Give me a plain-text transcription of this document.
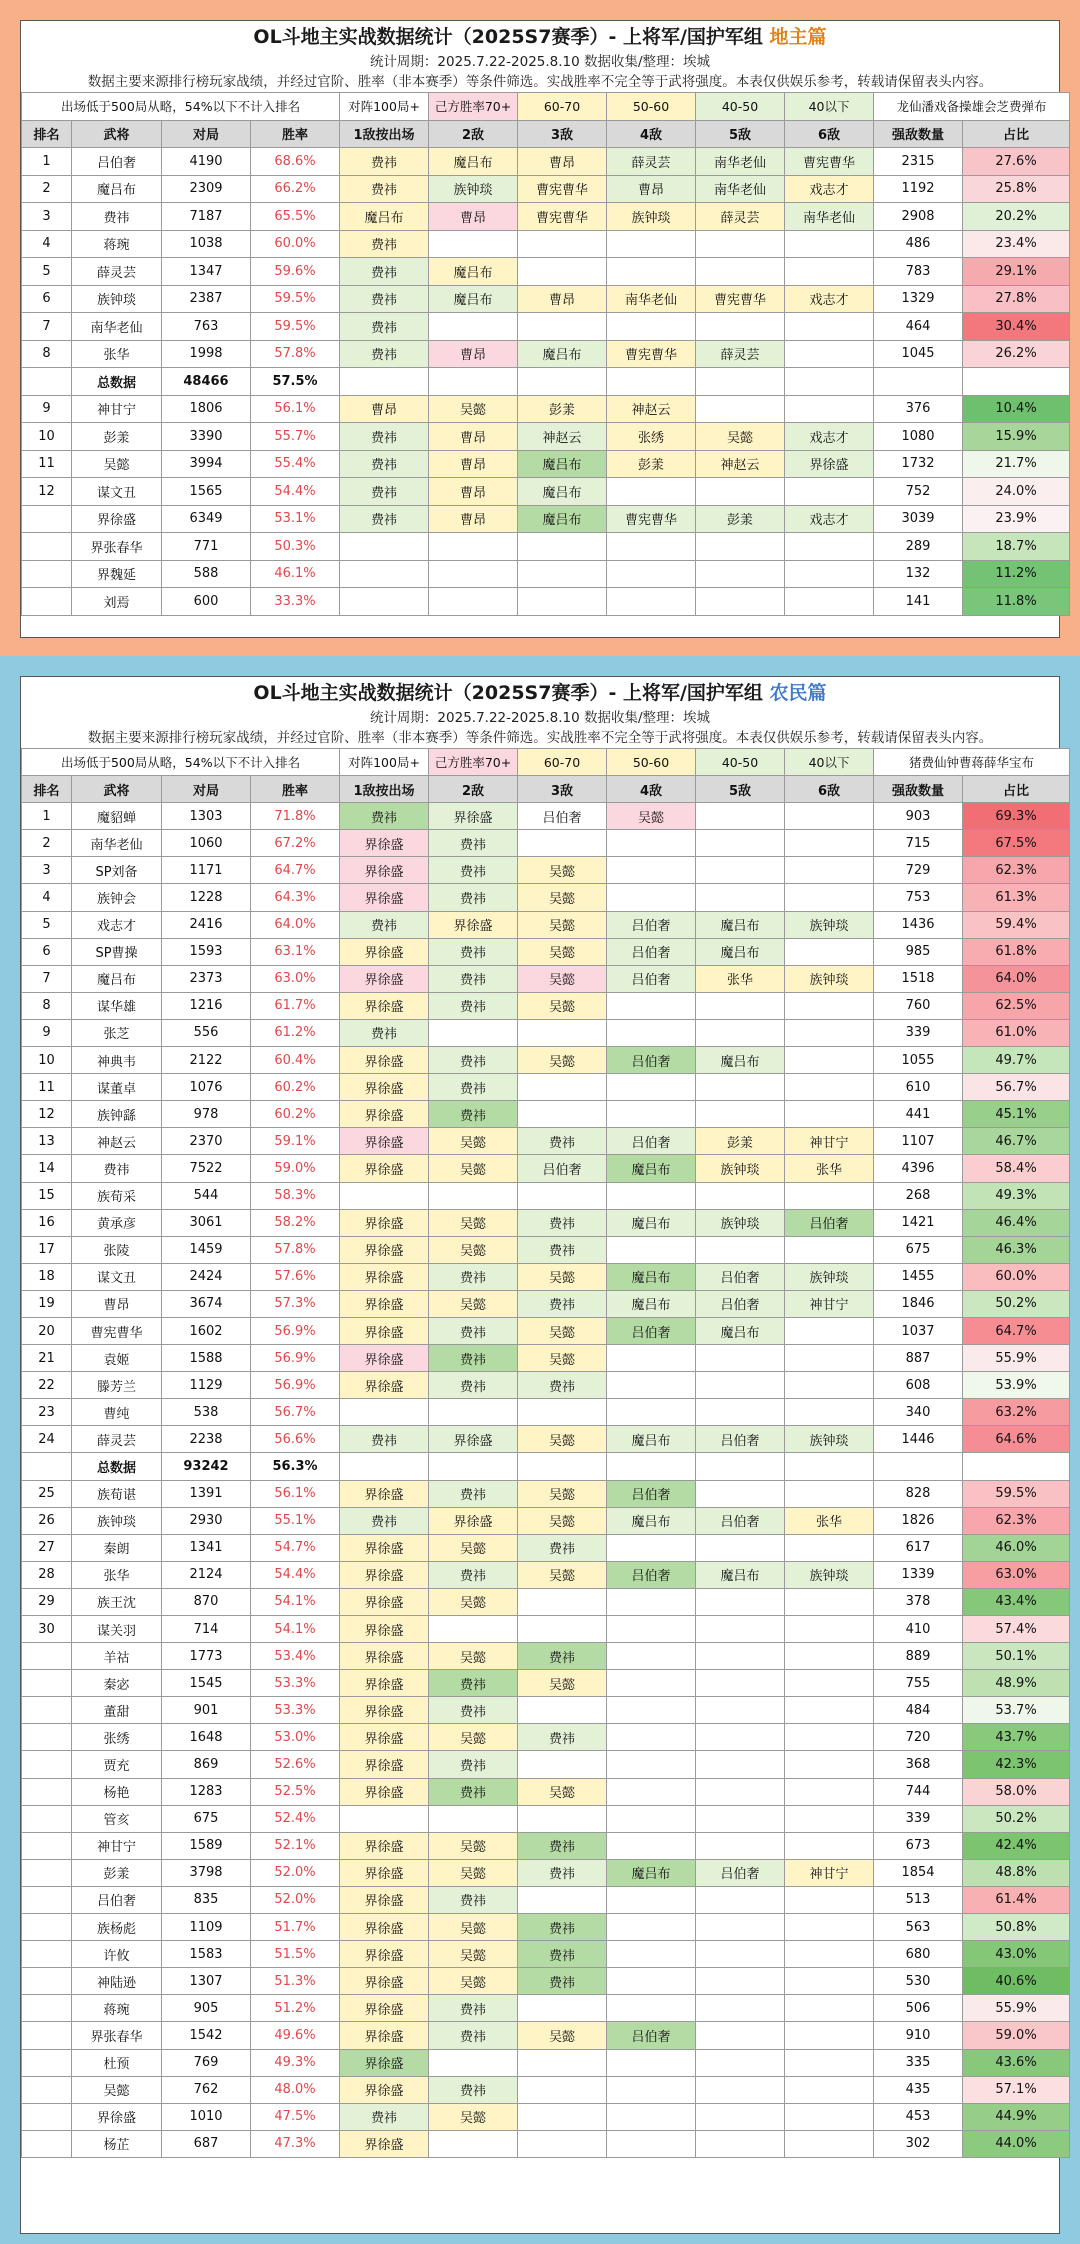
OL斗地主实战数据统计（2025S7赛季）- 上将军/国护军组 地主篇
统计周期：2025.7.22-2025.8.10 数据收集/整理：埃城
数据主要来源排行榜玩家战绩，并经过官阶、胜率（非本赛季）等条件筛选。实战胜率不完全等于武将强度。本表仅供娱乐参考，转载请保留表头内容。
出场低于500局从略，54%以下不计入排名				对阵100局+	己方胜率70+	60-70	50-60	40-50	40以下	龙仙潘戏备操雄会芝费弹布	
排名	武将	对局	胜率	1敌按出场	2敌	3敌	4敌	5敌	6敌	强敌数量	占比
1	吕伯奢	4190	68.6%	费祎	魔吕布	曹昂	薛灵芸	南华老仙	曹宪曹华	2315	27.6%
2	魔吕布	2309	66.2%	费祎	族钟琰	曹宪曹华	曹昂	南华老仙	戏志才	1192	25.8%
3	费祎	7187	65.5%	魔吕布	曹昂	曹宪曹华	族钟琰	薛灵芸	南华老仙	2908	20.2%
4	蒋琬	1038	60.0%	费祎						486	23.4%
5	薛灵芸	1347	59.6%	费祎	魔吕布					783	29.1%
6	族钟琰	2387	59.5%	费祎	魔吕布	曹昂	南华老仙	曹宪曹华	戏志才	1329	27.8%
7	南华老仙	763	59.5%	费祎						464	30.4%
8	张华	1998	57.8%	费祎	曹昂	魔吕布	曹宪曹华	薛灵芸		1045	26.2%
	总数据	48466	57.5%								
9	神甘宁	1806	56.1%	曹昂	吴懿	彭羕	神赵云			376	10.4%
10	彭羕	3390	55.7%	费祎	曹昂	神赵云	张绣	吴懿	戏志才	1080	15.9%
11	吴懿	3994	55.4%	费祎	曹昂	魔吕布	彭羕	神赵云	界徐盛	1732	21.7%
12	谋文丑	1565	54.4%	费祎	曹昂	魔吕布				752	24.0%
	界徐盛	6349	53.1%	费祎	曹昂	魔吕布	曹宪曹华	彭羕	戏志才	3039	23.9%
	界张春华	771	50.3%							289	18.7%
	界魏延	588	46.1%							132	11.2%
	刘焉	600	33.3%							141	11.8%
OL斗地主实战数据统计（2025S7赛季）- 上将军/国护军组 农民篇
统计周期：2025.7.22-2025.8.10 数据收集/整理：埃城
数据主要来源排行榜玩家战绩，并经过官阶、胜率（非本赛季）等条件筛选。实战胜率不完全等于武将强度。本表仅供娱乐参考，转载请保留表头内容。
出场低于500局从略，54%以下不计入排名				对阵100局+	己方胜率70+	60-70	50-60	40-50	40以下	猪费仙钟曹蒋薛华宝布	
排名	武将	对局	胜率	1敌按出场	2敌	3敌	4敌	5敌	6敌	强敌数量	占比
1	魔貂蝉	1303	71.8%	费祎	界徐盛	吕伯奢	吴懿			903	69.3%
2	南华老仙	1060	67.2%	界徐盛	费祎					715	67.5%
3	SP刘备	1171	64.7%	界徐盛	费祎	吴懿				729	62.3%
4	族钟会	1228	64.3%	界徐盛	费祎	吴懿				753	61.3%
5	戏志才	2416	64.0%	费祎	界徐盛	吴懿	吕伯奢	魔吕布	族钟琰	1436	59.4%
6	SP曹操	1593	63.1%	界徐盛	费祎	吴懿	吕伯奢	魔吕布		985	61.8%
7	魔吕布	2373	63.0%	界徐盛	费祎	吴懿	吕伯奢	张华	族钟琰	1518	64.0%
8	谋华雄	1216	61.7%	界徐盛	费祎	吴懿				760	62.5%
9	张芝	556	61.2%	费祎						339	61.0%
10	神典韦	2122	60.4%	界徐盛	费祎	吴懿	吕伯奢	魔吕布		1055	49.7%
11	谋董卓	1076	60.2%	界徐盛	费祎					610	56.7%
12	族钟繇	978	60.2%	界徐盛	费祎					441	45.1%
13	神赵云	2370	59.1%	界徐盛	吴懿	费祎	吕伯奢	彭羕	神甘宁	1107	46.7%
14	费祎	7522	59.0%	界徐盛	吴懿	吕伯奢	魔吕布	族钟琰	张华	4396	58.4%
15	族荀采	544	58.3%							268	49.3%
16	黄承彦	3061	58.2%	界徐盛	吴懿	费祎	魔吕布	族钟琰	吕伯奢	1421	46.4%
17	张陵	1459	57.8%	界徐盛	吴懿	费祎				675	46.3%
18	谋文丑	2424	57.6%	界徐盛	费祎	吴懿	魔吕布	吕伯奢	族钟琰	1455	60.0%
19	曹昂	3674	57.3%	界徐盛	吴懿	费祎	魔吕布	吕伯奢	神甘宁	1846	50.2%
20	曹宪曹华	1602	56.9%	界徐盛	费祎	吴懿	吕伯奢	魔吕布		1037	64.7%
21	袁姬	1588	56.9%	界徐盛	费祎	吴懿				887	55.9%
22	滕芳兰	1129	56.9%	界徐盛	费祎	费祎				608	53.9%
23	曹纯	538	56.7%							340	63.2%
24	薛灵芸	2238	56.6%	费祎	界徐盛	吴懿	魔吕布	吕伯奢	族钟琰	1446	64.6%
	总数据	93242	56.3%								
25	族荀谌	1391	56.1%	界徐盛	费祎	吴懿	吕伯奢			828	59.5%
26	族钟琰	2930	55.1%	费祎	界徐盛	吴懿	魔吕布	吕伯奢	张华	1826	62.3%
27	秦朗	1341	54.7%	界徐盛	吴懿	费祎				617	46.0%
28	张华	2124	54.4%	界徐盛	费祎	吴懿	吕伯奢	魔吕布	族钟琰	1339	63.0%
29	族王沈	870	54.1%	界徐盛	吴懿					378	43.4%
30	谋关羽	714	54.1%	界徐盛						410	57.4%
	羊祜	1773	53.4%	界徐盛	吴懿	费祎				889	50.1%
	秦宓	1545	53.3%	界徐盛	费祎	吴懿				755	48.9%
	董甜	901	53.3%	界徐盛	费祎					484	53.7%
	张绣	1648	53.0%	界徐盛	吴懿	费祎				720	43.7%
	贾充	869	52.6%	界徐盛	费祎					368	42.3%
	杨艳	1283	52.5%	界徐盛	费祎	吴懿				744	58.0%
	管亥	675	52.4%							339	50.2%
	神甘宁	1589	52.1%	界徐盛	吴懿	费祎				673	42.4%
	彭羕	3798	52.0%	界徐盛	吴懿	费祎	魔吕布	吕伯奢	神甘宁	1854	48.8%
	吕伯奢	835	52.0%	界徐盛	费祎					513	61.4%
	族杨彪	1109	51.7%	界徐盛	吴懿	费祎				563	50.8%
	许攸	1583	51.5%	界徐盛	吴懿	费祎				680	43.0%
	神陆逊	1307	51.3%	界徐盛	吴懿	费祎				530	40.6%
	蒋琬	905	51.2%	界徐盛	费祎					506	55.9%
	界张春华	1542	49.6%	界徐盛	费祎	吴懿	吕伯奢			910	59.0%
	杜预	769	49.3%	界徐盛						335	43.6%
	吴懿	762	48.0%	界徐盛	费祎					435	57.1%
	界徐盛	1010	47.5%	费祎	吴懿					453	44.9%
	杨芷	687	47.3%	界徐盛						302	44.0%
